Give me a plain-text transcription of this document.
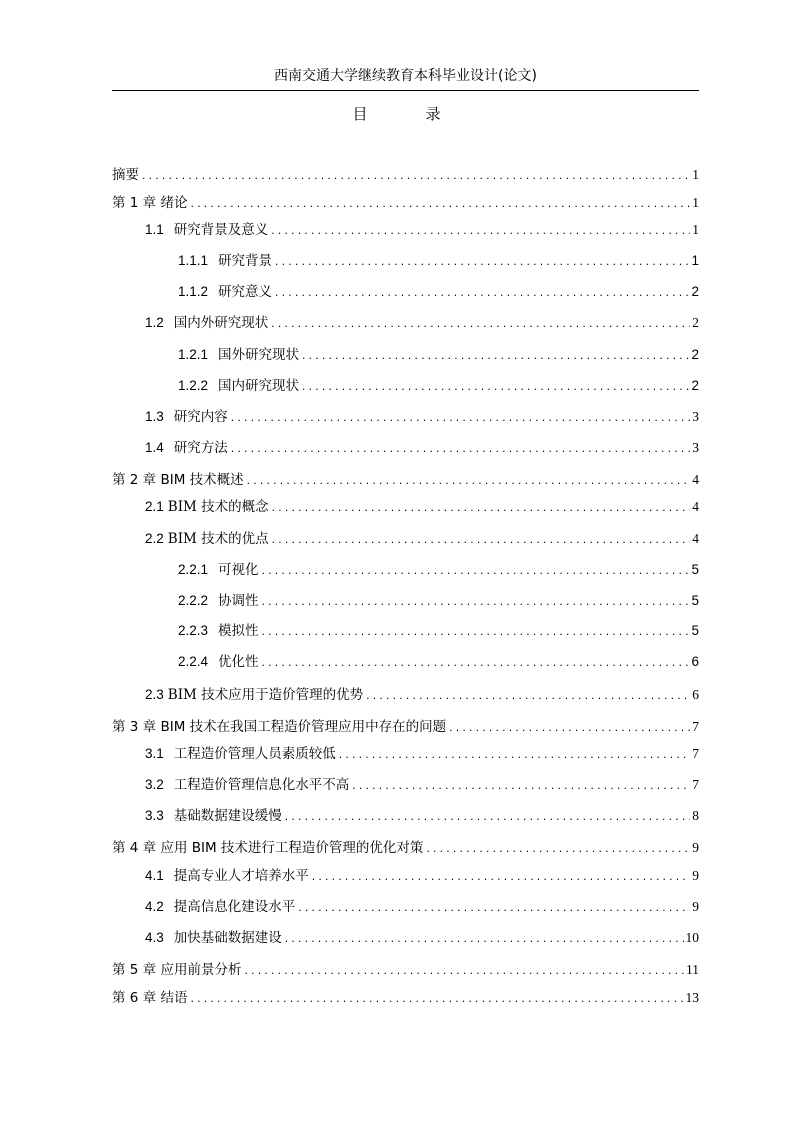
西南交通大学继续教育本科毕业设计(论文)
目	录
摘要 .....	1
第 1 章 绪论 .....	1
1.1 研究背景及意义 .....	1
1.1.1 研究背景 .....	1
1.1.2 研究意义 .....	2
1.2 国内外研究现状 .....	2
1.2.1 国外研究现状 .....	2
1.2.2 国内研究现状 .....	2
1.3 研究内容 .....	3
1.4 研究方法 .....	3
第 2 章 BIM 技术概述 .....	4
2.1 BIM 技术的概念 .....	4
2.2 BIM 技术的优点 .....	4
2.2.1 可视化 .....	5
2.2.2 协调性 .....	5
2.2.3 模拟性 .....	5
2.2.4 优化性 .....	6
2.3 BIM 技术应用于造价管理的优势 .....	6
第 3 章 BIM 技术在我国工程造价管理应用中存在的问题 .....	7
3.1 工程造价管理人员素质较低 .....	7
3.2 工程造价管理信息化水平不高 .....	7
3.3 基础数据建设缓慢 .....	8
第 4 章 应用 BIM 技术进行工程造价管理的优化对策 .....	9
4.1 提高专业人才培养水平 .....	9
4.2 提高信息化建设水平 .....	9
4.3 加快基础数据建设 .....	10
第 5 章 应用前景分析 .....	11
第 6 章 结语 .....	13
